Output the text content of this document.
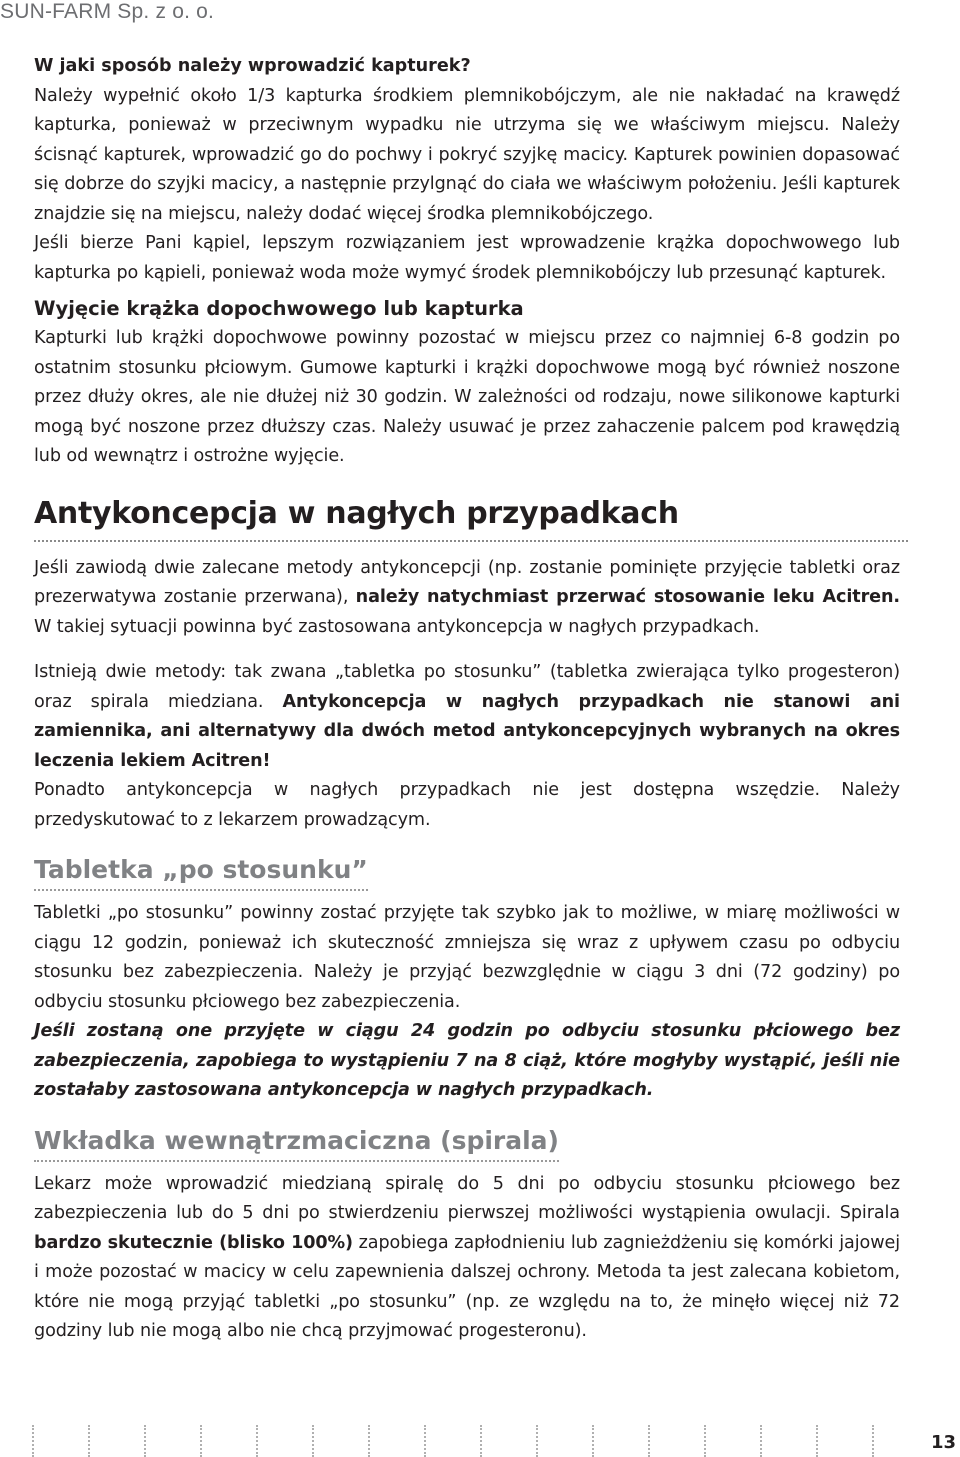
SUN-FARM Sp. z o. o.
W jaki sposób należy wprowadzić kapturek?

Należy wypełnić około 1/3 kapturka środkiem plemnikobójczym, ale nie nakładać na krawędź kapturka, ponieważ w przeciwnym wypadku nie utrzyma się we właściwym miejscu. Należy ścisnąć kapturek, wprowadzić go do pochwy i pokryć szyjkę macicy. Kapturek powinien dopasować się dobrze do szyjki macicy, a następnie przylgnąć do ciała we właściwym położeniu. Jeśli kapturek znajdzie się na miejscu, należy dodać więcej środka plemnikobójczego.

Jeśli bierze Pani kąpiel, lepszym rozwiązaniem jest wprowadzenie krążka dopochwowego lub kapturka po kąpieli, ponieważ woda może wymyć środek plemnikobójczy lub przesunąć kapturek.

Wyjęcie krążka dopochwowego lub kapturka

Kapturki lub krążki dopochwowe powinny pozostać w miejscu przez co najmniej 6-8 godzin po ostatnim stosunku płciowym. Gumowe kapturki i krążki dopochwowe mogą być również noszone przez dłuży okres, ale nie dłużej niż 30 godzin. W zależności od rodzaju, nowe silikonowe kapturki mogą być noszone przez dłuższy czas. Należy usuwać je przez zahaczenie palcem pod krawędzią lub od wewnątrz i ostrożne wyjęcie.

Antykoncepcja w nagłych przypadkach

Jeśli zawiodą dwie zalecane metody antykoncepcji (np. zostanie pominięte przyjęcie tabletki oraz prezerwatywa zostanie przerwana), należy natychmiast przerwać stosowanie leku Acitren. W takiej sytuacji powinna być zastosowana antykoncepcja w nagłych przypadkach.

Istnieją dwie metody: tak zwana „tabletka po stosunku” (tabletka zwierająca tylko progesteron) oraz spirala miedziana. Antykoncepcja w nagłych przypadkach nie stanowi ani zamiennika, ani alternatywy dla dwóch metod antykoncepcyjnych wybranych na okres leczenia lekiem Acitren!

Ponadto antykoncepcja w nagłych przypadkach nie jest dostępna wszędzie. Należy przedyskutować to z lekarzem prowadzącym.

Tabletka „po stosunku”

Tabletki „po stosunku” powinny zostać przyjęte tak szybko jak to możliwe, w miarę możliwości w ciągu 12 godzin, ponieważ ich skuteczność zmniejsza się wraz z upływem czasu po odbyciu stosunku bez zabezpieczenia. Należy je przyjąć bezwzględnie w ciągu 3 dni (72 godziny) po odbyciu stosunku płciowego bez zabezpieczenia.

Jeśli zostaną one przyjęte w ciągu 24 godzin po odbyciu stosunku płciowego bez zabezpieczenia, zapobiega to wystąpieniu 7 na 8 ciąż, które mogłyby wystąpić, jeśli nie zostałaby zastosowana antykoncepcja w nagłych przypadkach.

Wkładka wewnątrzmaciczna (spirala)

Lekarz może wprowadzić miedzianą spiralę do 5 dni po odbyciu stosunku płciowego bez zabezpieczenia lub do 5 dni po stwierdzeniu pierwszej możliwości wystąpienia owulacji. Spirala bardzo skutecznie (blisko 100%) zapobiega zapłodnieniu lub zagnieżdżeniu się komórki jajowej i może pozostać w macicy w celu zapewnienia dalszej ochrony. Metoda ta jest zalecana kobietom, które nie mogą przyjąć tabletki „po stosunku” (np. ze względu na to, że minęło więcej niż 72 godziny lub nie mogą albo nie chcą przyjmować progesteronu).

13
